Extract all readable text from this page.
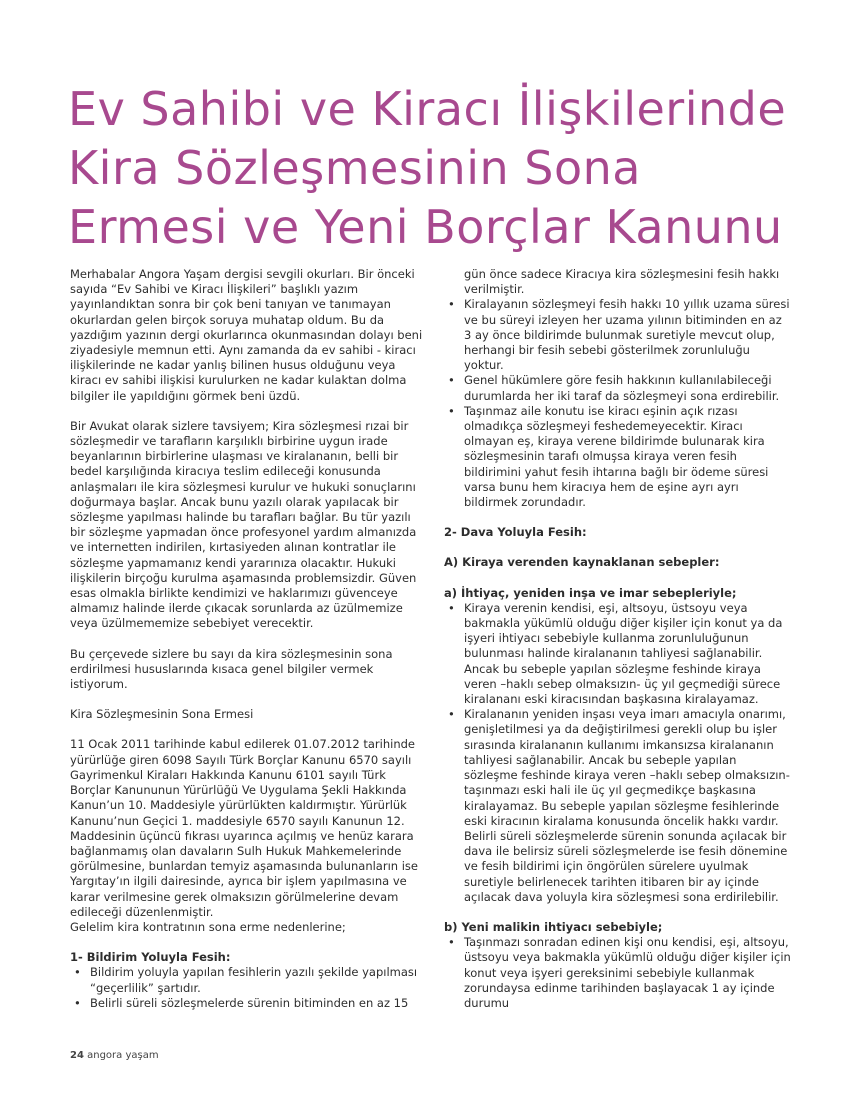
Ev Sahibi ve Kiracı İlişkilerinde
Kira Sözleşmesinin Sona
Ermesi ve Yeni Borçlar Kanunu

Merhabalar Angora Yaşam dergisi sevgili okurları. Bir önceki sayıda “Ev Sahibi ve Kiracı İlişkileri” başlıklı yazım yayınlandıktan sonra bir çok beni tanıyan ve tanımayan okurlardan gelen birçok soruya muhatap oldum. Bu da yazdığım yazının dergi okurlarınca okunmasından dolayı beni ziyadesiyle memnun etti. Aynı zamanda da ev sahibi - kiracı ilişkilerinde ne kadar yanlış bilinen husus olduğunu veya kiracı ev sahibi ilişkisi kurulurken ne kadar kulaktan dolma bilgiler ile yapıldığını görmek beni üzdü.

Bir Avukat olarak sizlere tavsiyem; Kira sözleşmesi rızai bir sözleşmedir ve tarafların karşılıklı birbirine uygun irade beyanlarının birbirlerine ulaşması ve kiralananın, belli bir bedel karşılığında kiracıya teslim edileceği konusunda anlaşmaları ile kira sözleşmesi kurulur ve hukuki sonuçlarını doğurmaya başlar. Ancak bunu yazılı olarak yapılacak bir sözleşme yapılması halinde bu tarafları bağlar. Bu tür yazılı bir sözleşme yapmadan önce profesyonel yardım almanızda ve internetten indirilen, kırtasiyeden alınan kontratlar ile sözleşme yapmamanız kendi yararınıza olacaktır. Hukuki ilişkilerin birçoğu kurulma aşamasında problemsizdir. Güven esas olmakla birlikte kendimizi ve haklarımızı güvenceye almamız halinde ilerde çıkacak sorunlarda az üzülmemize veya üzülmememize sebebiyet verecektir.

Bu çerçevede sizlere bu sayı da kira sözleşmesinin sona erdirilmesi hususlarında kısaca genel bilgiler vermek istiyorum.

Kira Sözleşmesinin Sona Ermesi

11 Ocak 2011 tarihinde kabul edilerek 01.07.2012 tarihinde yürürlüğe giren 6098 Sayılı Türk Borçlar Kanunu 6570 sayılı Gayrimenkul Kiraları Hakkında Kanunu 6101 sayılı Türk Borçlar Kanununun Yürürlüğü Ve Uygulama Şekli Hakkında Kanun’un 10. Maddesiyle yürürlükten kaldırmıştır. Yürürlük Kanunu’nun Geçici 1. maddesiyle 6570 sayılı Kanunun 12. Maddesinin üçüncü fıkrası uyarınca açılmış ve henüz karara bağlanmamış olan davaların Sulh Hukuk Mahkemelerinde görülmesine, bunlardan temyiz aşamasında bulunanların ise Yargıtay’ın ilgili dairesinde, ayrıca bir işlem yapılmasına ve karar verilmesine gerek olmaksızın görülmelerine devam edileceği düzenlenmiştir.

Gelelim kira kontratının sona erme nedenlerine;

1- Bildirim Yoluyla Fesih:

• Bildirim yoluyla yapılan fesihlerin yazılı şekilde yapılması “geçerlilik” şartıdır.
• Belirli süreli sözleşmelerde sürenin bitiminden en az 15
gün önce sadece Kiracıya kira sözleşmesini fesih hakkı verilmiştir.
• Kiralayanın sözleşmeyi fesih hakkı 10 yıllık uzama süresi ve bu süreyi izleyen her uzama yılının bitiminden en az 3 ay önce bildirimde bulunmak suretiyle mevcut olup, herhangi bir fesih sebebi gösterilmek zorunluluğu yoktur.
• Genel hükümlere göre fesih hakkının kullanılabileceği durumlarda her iki taraf da sözleşmeyi sona erdirebilir.
• Taşınmaz aile konutu ise kiracı eşinin açık rızası olmadıkça sözleşmeyi feshedemeyecektir. Kiracı olmayan eş, kiraya verene bildirimde bulunarak kira sözleşmesinin tarafı olmuşsa kiraya veren fesih bildirimini yahut fesih ihtarına bağlı bir ödeme süresi varsa bunu hem kiracıya hem de eşine ayrı ayrı bildirmek zorundadır.

2- Dava Yoluyla Fesih:

A) Kiraya verenden kaynaklanan sebepler:

a) İhtiyaç, yeniden inşa ve imar sebepleriyle;

• Kiraya verenin kendisi, eşi, altsoyu, üstsoyu veya bakmakla yükümlü olduğu diğer kişiler için konut ya da işyeri ihtiyacı sebebiyle kullanma zorunluluğunun bulunması halinde kiralananın tahliyesi sağlanabilir. Ancak bu sebeple yapılan sözleşme feshinde kiraya veren –haklı sebep olmaksızın- üç yıl geçmediği sürece kiralananı eski kiracısından başkasına kiralayamaz.
• Kiralananın yeniden inşası veya imarı amacıyla onarımı, genişletilmesi ya da değiştirilmesi gerekli olup bu işler sırasında kiralananın kullanımı imkansızsa kiralananın tahliyesi sağlanabilir. Ancak bu sebeple yapılan sözleşme feshinde kiraya veren –haklı sebep olmaksızın- taşınmazı eski hali ile üç yıl geçmedikçe başkasına kiralayamaz. Bu sebeple yapılan sözleşme fesihlerinde eski kiracının kiralama konusunda öncelik hakkı vardır.

Belirli süreli sözleşmelerde sürenin sonunda açılacak bir dava ile belirsiz süreli sözleşmelerde ise fesih dönemine ve fesih bildirimi için öngörülen sürelere uyulmak suretiyle belirlenecek tarihten itibaren bir ay içinde açılacak dava yoluyla kira sözleşmesi sona erdirilebilir.

b) Yeni malikin ihtiyacı sebebiyle;

• Taşınmazı sonradan edinen kişi onu kendisi, eşi, altsoyu, üstsoyu veya bakmakla yükümlü olduğu diğer kişiler için konut veya işyeri gereksinimi sebebiyle kullanmak zorundaysa edinme tarihinden başlayacak 1 ay içinde durumu
24 angora yaşam
